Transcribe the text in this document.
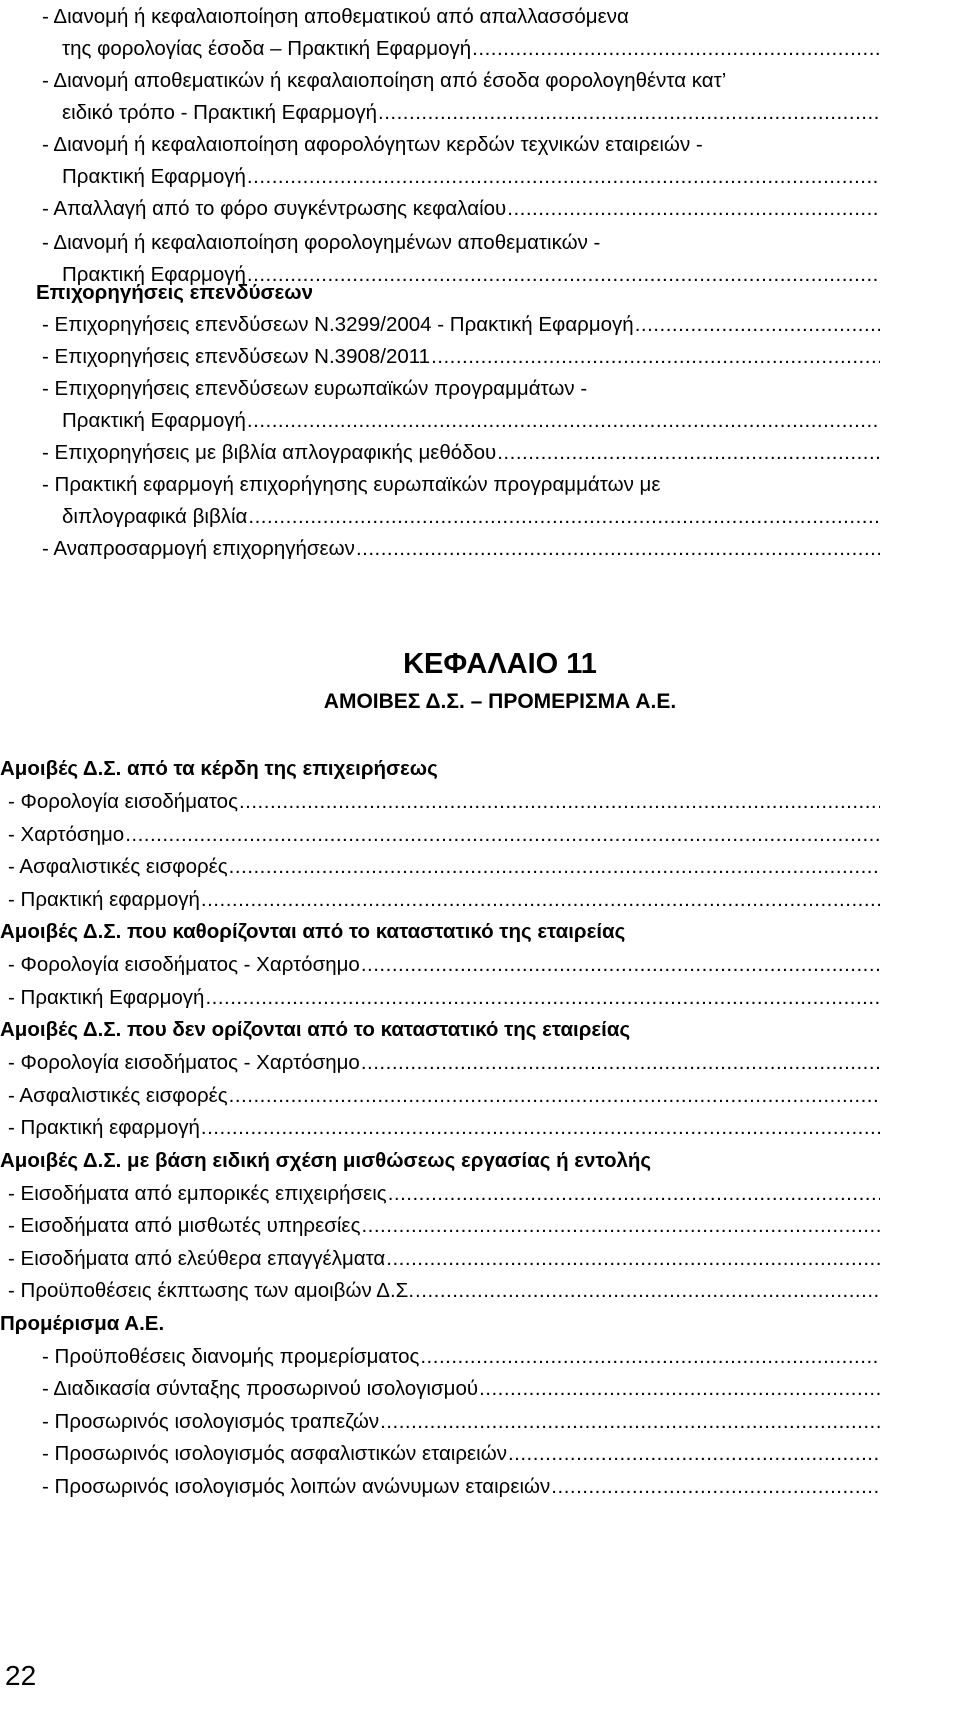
- Διανομή ή κεφαλαιοποίηση αποθεματικού από απαλλασσόμενα
της φορολογίας έσοδα – Πρακτική Εφαρμογή
.....
- Διανομή αποθεματικών ή κεφαλαιοποίηση από έσοδα φορολογηθέντα κατ’
ειδικό τρόπο - Πρακτική Εφαρμογή
.....
- Διανομή ή κεφαλαιοποίηση αφορολόγητων κερδών τεχνικών εταιρειών -
Πρακτική Εφαρμογή
.....
- Απαλλαγή από το φόρο συγκέντρωσης κεφαλαίου
.....
- Διανομή ή κεφαλαιοποίηση φορολογημένων αποθεματικών -
Πρακτική Εφαρμογή
.....
Επιχορηγήσεις επενδύσεων
- Επιχορηγήσεις επενδύσεων Ν.3299/2004 - Πρακτική Εφαρμογή
.....
- Επιχορηγήσεις επενδύσεων Ν.3908/2011
.....
- Επιχορηγήσεις επενδύσεων ευρωπαϊκών προγραμμάτων -
Πρακτική Εφαρμογή
.....
- Επιχορηγήσεις με βιβλία απλογραφικής μεθόδου
.....
- Πρακτική εφαρμογή επιχορήγησης ευρωπαϊκών προγραμμάτων με
διπλογραφικά βιβλία
.....
- Αναπροσαρμογή επιχορηγήσεων
.....
ΚΕΦΑΛΑΙΟ 11
ΑΜΟΙΒΕΣ Δ.Σ. – ΠΡΟΜΕΡΙΣΜΑ Α.Ε.
Αμοιβές Δ.Σ. από τα κέρδη της επιχειρήσεως
- Φορολογία εισοδήματος
.....
- Χαρτόσημο
.....
- Ασφαλιστικές εισφορές
.....
- Πρακτική εφαρμογή
.....
Αμοιβές Δ.Σ. που καθορίζονται από το καταστατικό της εταιρείας
- Φορολογία εισοδήματος - Χαρτόσημο
.....
- Πρακτική Εφαρμογή
.....
Αμοιβές Δ.Σ. που δεν ορίζονται από το καταστατικό της εταιρείας
- Φορολογία εισοδήματος - Χαρτόσημο
.....
- Ασφαλιστικές εισφορές
.....
- Πρακτική εφαρμογή
.....
Αμοιβές Δ.Σ. με βάση ειδική σχέση μισθώσεως εργασίας ή εντολής
- Εισοδήματα από εμπορικές επιχειρήσεις
.....
- Εισοδήματα από μισθωτές υπηρεσίες
.....
- Εισοδήματα από ελεύθερα επαγγέλματα
.....
- Προϋποθέσεις έκπτωσης των αμοιβών Δ.Σ.
.....
Προμέρισμα Α.Ε.
- Προϋποθέσεις διανομής προμερίσματος
.....
- Διαδικασία σύνταξης προσωρινού ισολογισμού
.....
- Προσωρινός ισολογισμός τραπεζών
.....
- Προσωρινός ισολογισμός ασφαλιστικών εταιρειών
.....
- Προσωρινός ισολογισμός λοιπών ανώνυμων εταιρειών
.....
22
